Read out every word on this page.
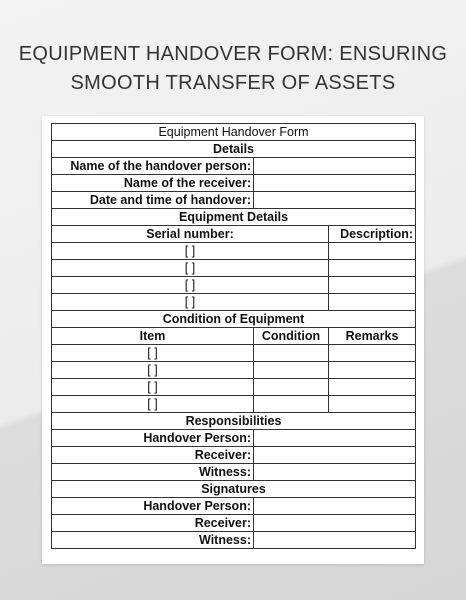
EQUIPMENT HANDOVER FORM: ENSURING
SMOOTH TRANSFER OF ASSETS
Equipment Handover Form		
Details		
Name of the handover person:		
Name of the receiver:		
Date and time of handover:		
Equipment Details		
Serial number:		Description:
[ ]		
[ ]		
[ ]		
[ ]		
Condition of Equipment		
Item	Condition	Remarks
[ ]		
[ ]		
[ ]		
[ ]		
Responsibilities		
Handover Person:		
Receiver:		
Witness:		
Signatures		
Handover Person:		
Receiver:		
Witness:		
